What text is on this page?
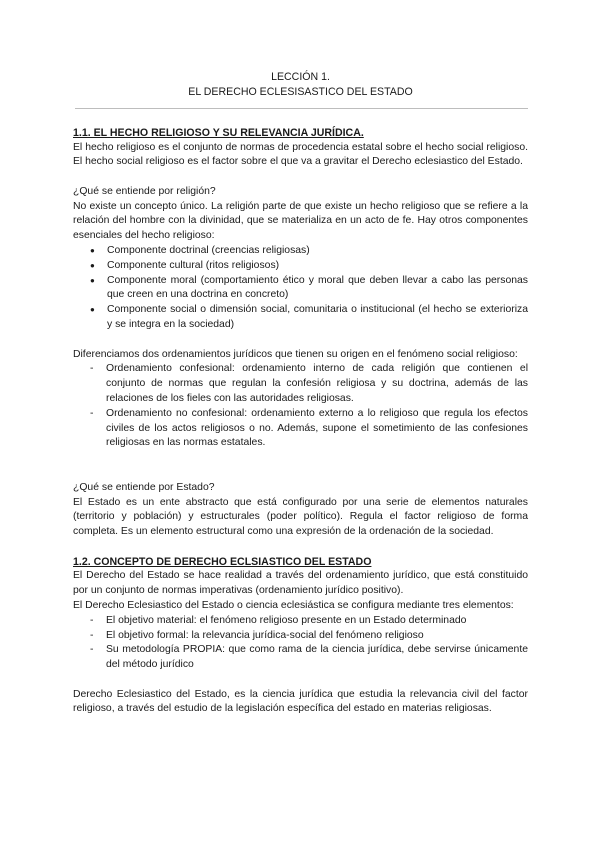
LECCIÓN 1.
EL DERECHO ECLESISASTICO DEL ESTADO
1.1. EL HECHO RELIGIOSO Y SU RELEVANCIA JURÍDICA.

El hecho religioso es el conjunto de normas de procedencia estatal sobre el hecho social religioso. El hecho social religioso es el factor sobre el que va a gravitar el Derecho eclesiastico del Estado.

¿Qué se entiende por religión?

No existe un concepto único. La religión parte de que existe un hecho religioso que se refiere a la relación del hombre con la divinidad, que se materializa en un acto de fe. Hay otros componentes esenciales del hecho religioso:

● Componente doctrinal (creencias religiosas)
● Componente cultural (ritos religiosos)
● Componente moral (comportamiento ético y moral que deben llevar a cabo las personas que creen en una doctrina en concreto)
● Componente social o dimensión social, comunitaria o institucional (el hecho se exterioriza y se integra en la sociedad)

Diferenciamos dos ordenamientos jurídicos que tienen su origen en el fenómeno social religioso:

- Ordenamiento confesional: ordenamiento interno de cada religión que contienen el conjunto de normas que regulan la confesión religiosa y su doctrina, además de las relaciones de los fieles con las autoridades religiosas.
- Ordenamiento no confesional: ordenamiento externo a lo religioso que regula los efectos civiles de los actos religiosos o no. Además, supone el sometimiento de las confesiones religiosas en las normas estatales.

¿Qué se entiende por Estado?

El Estado es un ente abstracto que está configurado por una serie de elementos naturales (territorio y población) y estructurales (poder político). Regula el factor religioso de forma completa. Es un elemento estructural como una expresión de la ordenación de la sociedad.

1.2. CONCEPTO DE DERECHO ECLSIASTICO DEL ESTADO

El Derecho del Estado se hace realidad a través del ordenamiento jurídico, que está constituido por un conjunto de normas imperativas (ordenamiento jurídico positivo).

El Derecho Eclesiastico del Estado o ciencia eclesiástica se configura mediante tres elementos:

- El objetivo material: el fenómeno religioso presente en un Estado determinado
- El objetivo formal: la relevancia jurídica-social del fenómeno religioso
- Su metodología PROPIA: que como rama de la ciencia jurídica, debe servirse únicamente del método jurídico

Derecho Eclesiastico del Estado, es la ciencia jurídica que estudia la relevancia civil del factor religioso, a través del estudio de la legislación específica del estado en materias religiosas.
